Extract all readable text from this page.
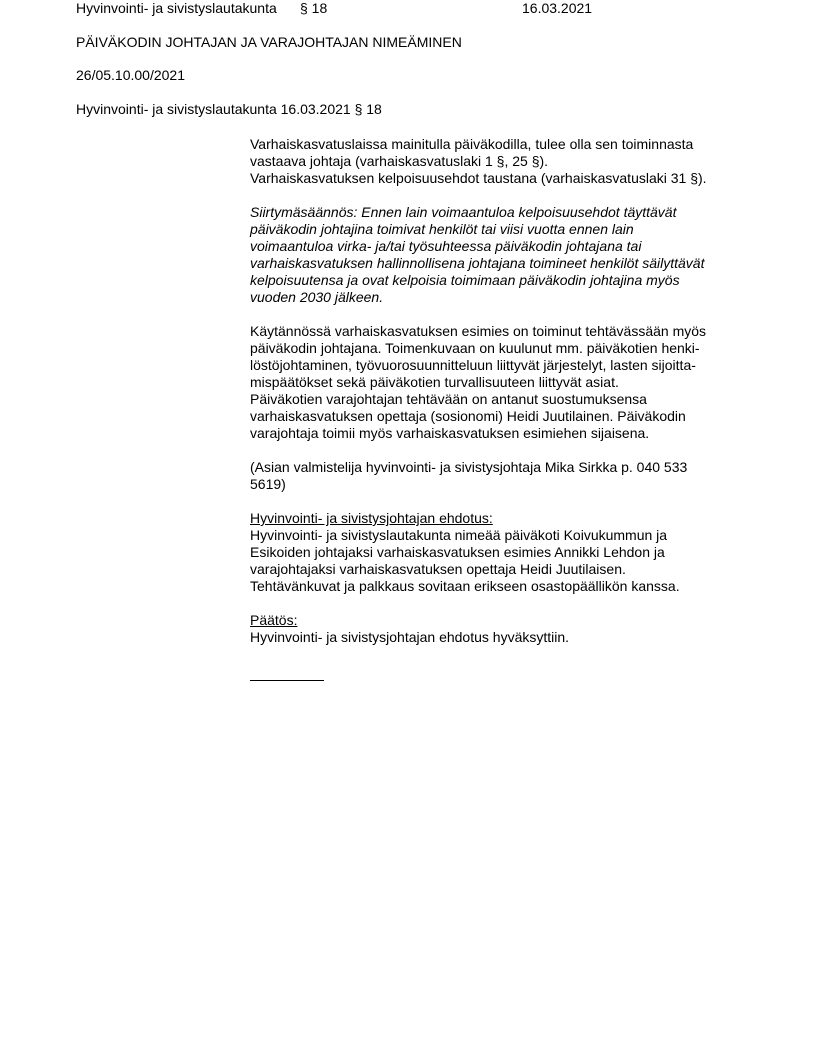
Hyvinvointi- ja sivistyslautakunta § 18	16.03.2021
PÄIVÄKODIN JOHTAJAN JA VARAJOHTAJAN NIMEÄMINEN
26/05.10.00/2021
Hyvinvointi- ja sivistyslautakunta 16.03.2021 § 18
Varhaiskasvatuslaissa mainitulla päiväkodilla, tulee olla sen toiminnasta
vastaava johtaja (varhaiskasvatuslaki 1 §, 25 §).
Varhaiskasvatuksen kelpoisuusehdot taustana (varhaiskasvatuslaki 31 §).
Siirtymäsäännös: Ennen lain voimaantuloa kelpoisuusehdot täyttävät
päiväkodin johtajina toimivat henkilöt tai viisi vuotta ennen lain
voimaantuloa virka- ja/tai työsuhteessa päiväkodin johtajana tai
varhaiskasvatuksen hallinnollisena johtajana toimineet henkilöt säilyttävät
kelpoisuutensa ja ovat kelpoisia toimimaan päiväkodin johtajina myös
vuoden 2030 jälkeen.
Käytännössä varhaiskasvatuksen esimies on toiminut tehtävässään myös
päiväkodin johtajana. Toimenkuvaan on kuulunut mm. päiväkotien henki-
löstöjohtaminen, työvuorosuunnitteluun liittyvät järjestelyt, lasten sijoitta-
mispäätökset sekä päiväkotien turvallisuuteen liittyvät asiat.
Päiväkotien varajohtajan tehtävään on antanut suostumuksensa
varhaiskasvatuksen opettaja (sosionomi) Heidi Juutilainen. Päiväkodin
varajohtaja toimii myös varhaiskasvatuksen esimiehen sijaisena.
(Asian valmistelija hyvinvointi- ja sivistysjohtaja Mika Sirkka p. 040 533
5619)
Hyvinvointi- ja sivistysjohtajan ehdotus:
Hyvinvointi- ja sivistyslautakunta nimeää päiväkoti Koivukummun ja
Esikoiden johtajaksi varhaiskasvatuksen esimies Annikki Lehdon ja
varajohtajaksi varhaiskasvatuksen opettaja Heidi Juutilaisen.
Tehtävänkuvat ja palkkaus sovitaan erikseen osastopäällikön kanssa.
Päätös:
Hyvinvointi- ja sivistysjohtajan ehdotus hyväksyttiin.
